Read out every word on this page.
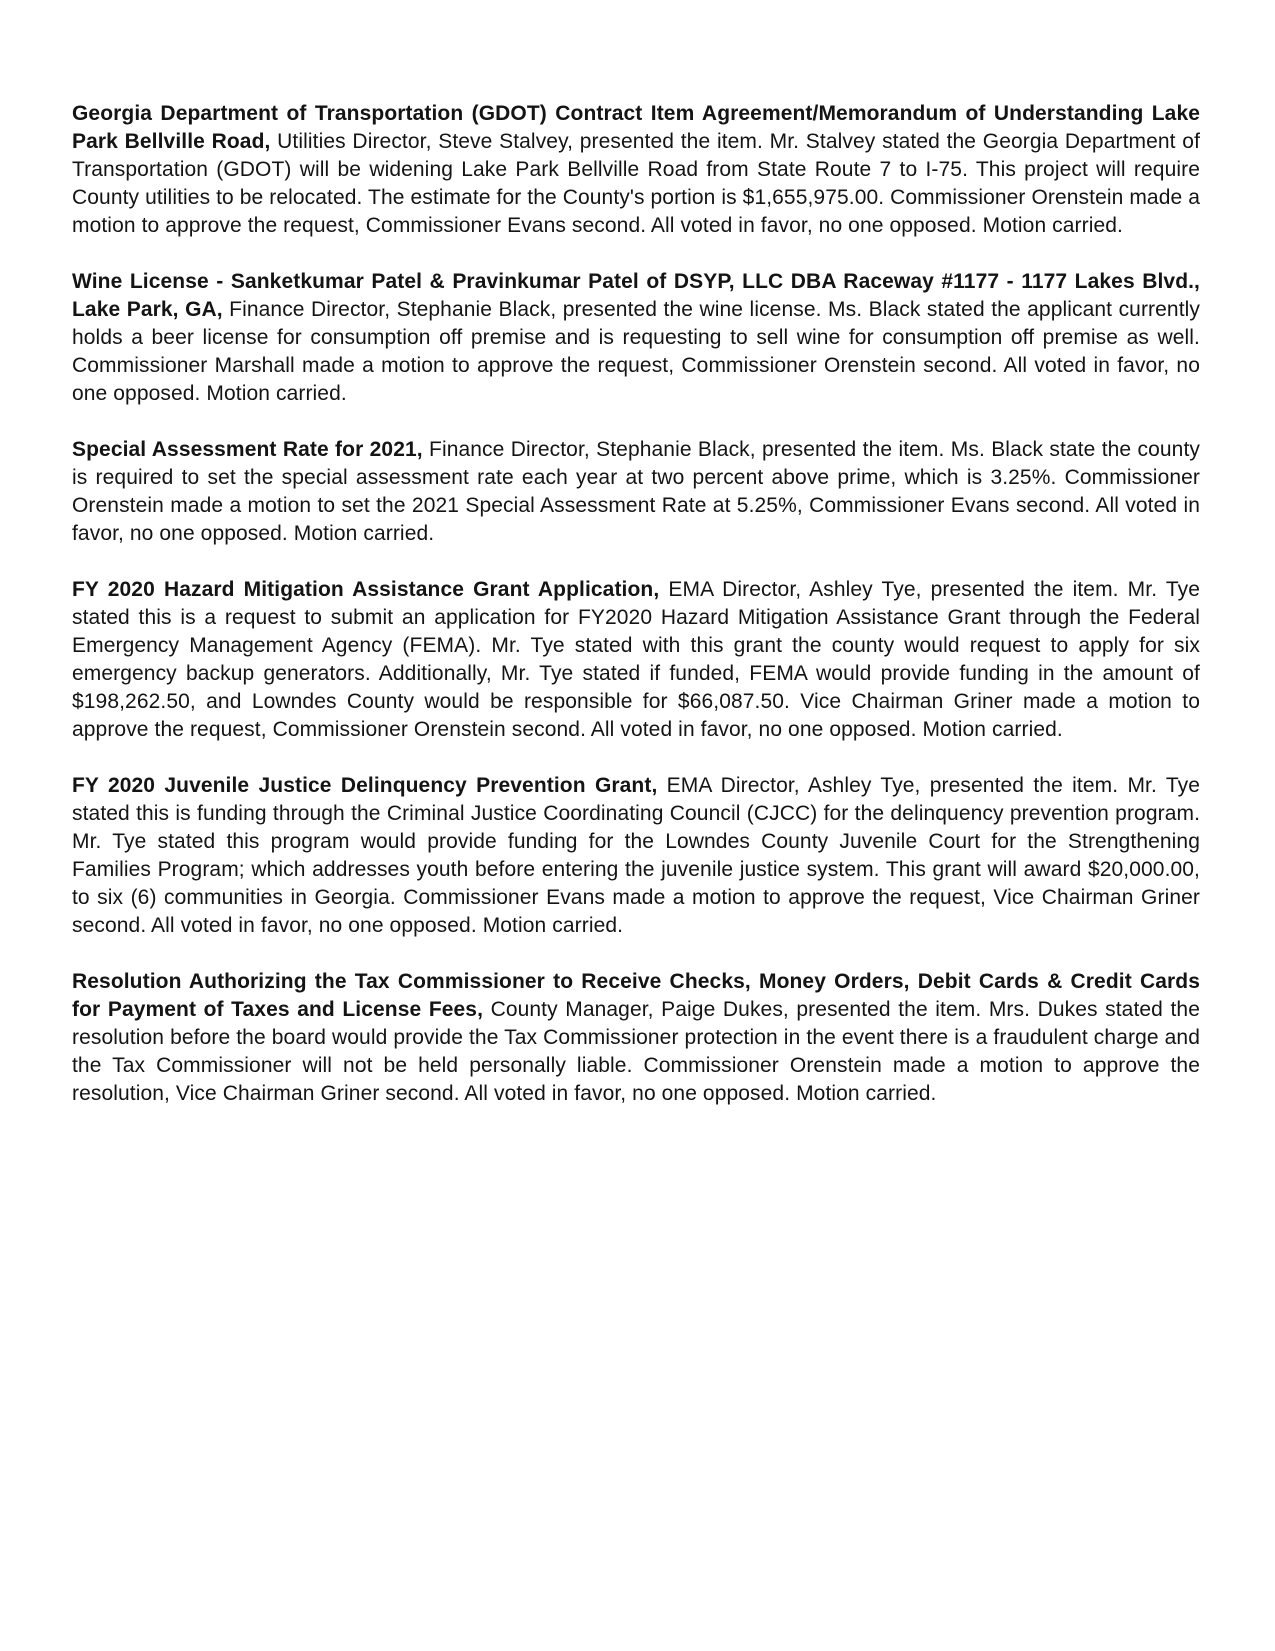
Georgia Department of Transportation (GDOT) Contract Item Agreement/Memorandum of Understanding Lake Park Bellville Road, Utilities Director, Steve Stalvey, presented the item. Mr. Stalvey stated the Georgia Department of Transportation (GDOT) will be widening Lake Park Bellville Road from State Route 7 to I-75. This project will require County utilities to be relocated. The estimate for the County's portion is $1,655,975.00. Commissioner Orenstein made a motion to approve the request, Commissioner Evans second. All voted in favor, no one opposed. Motion carried.

Wine License - Sanketkumar Patel & Pravinkumar Patel of DSYP, LLC DBA Raceway #1177 - 1177 Lakes Blvd., Lake Park, GA, Finance Director, Stephanie Black, presented the wine license. Ms. Black stated the applicant currently holds a beer license for consumption off premise and is requesting to sell wine for consumption off premise as well. Commissioner Marshall made a motion to approve the request, Commissioner Orenstein second. All voted in favor, no one opposed. Motion carried.

Special Assessment Rate for 2021, Finance Director, Stephanie Black, presented the item. Ms. Black state the county is required to set the special assessment rate each year at two percent above prime, which is 3.25%. Commissioner Orenstein made a motion to set the 2021 Special Assessment Rate at 5.25%, Commissioner Evans second. All voted in favor, no one opposed. Motion carried.

FY 2020 Hazard Mitigation Assistance Grant Application, EMA Director, Ashley Tye, presented the item. Mr. Tye stated this is a request to submit an application for FY2020 Hazard Mitigation Assistance Grant through the Federal Emergency Management Agency (FEMA). Mr. Tye stated with this grant the county would request to apply for six emergency backup generators. Additionally, Mr. Tye stated if funded, FEMA would provide funding in the amount of $198,262.50, and Lowndes County would be responsible for $66,087.50. Vice Chairman Griner made a motion to approve the request, Commissioner Orenstein second. All voted in favor, no one opposed. Motion carried.

FY 2020 Juvenile Justice Delinquency Prevention Grant, EMA Director, Ashley Tye, presented the item. Mr. Tye stated this is funding through the Criminal Justice Coordinating Council (CJCC) for the delinquency prevention program. Mr. Tye stated this program would provide funding for the Lowndes County Juvenile Court for the Strengthening Families Program; which addresses youth before entering the juvenile justice system. This grant will award $20,000.00, to six (6) communities in Georgia. Commissioner Evans made a motion to approve the request, Vice Chairman Griner second. All voted in favor, no one opposed. Motion carried.

Resolution Authorizing the Tax Commissioner to Receive Checks, Money Orders, Debit Cards & Credit Cards for Payment of Taxes and License Fees, County Manager, Paige Dukes, presented the item. Mrs. Dukes stated the resolution before the board would provide the Tax Commissioner protection in the event there is a fraudulent charge and the Tax Commissioner will not be held personally liable. Commissioner Orenstein made a motion to approve the resolution, Vice Chairman Griner second. All voted in favor, no one opposed. Motion carried.
